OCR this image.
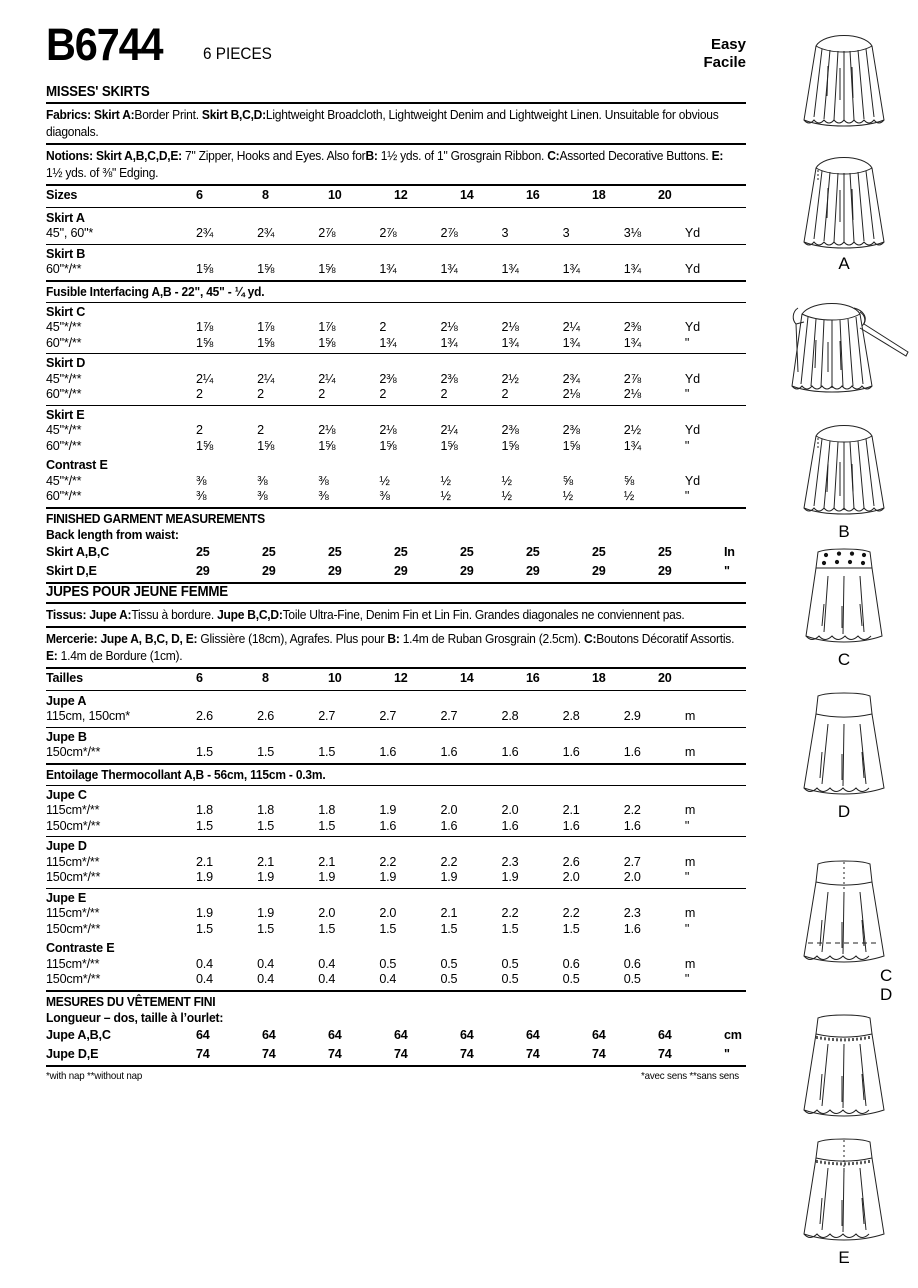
B6744 6 PIECES	Easy
Facile
MISSES' SKIRTS
Fabrics: Skirt A:Border Print. Skirt B,C,D:Lightweight Broadcloth, Lightweight Denim and Lightweight Linen. Unsuitable for obvious diagonals.
Notions: Skirt A,B,C,D,E: 7" Zipper, Hooks and Eyes. Also forB: 1½ yds. of 1" Grosgrain Ribbon. C:Assorted Decorative Buttons. E: 1½ yds. of ⅜" Edging.
Sizes	6	8	10	12	14	16	18	20	
Skirt A									
45", 60"*	2¾	2¾	2⅞	2⅞	2⅞	3	3	3⅛	Yd
Skirt B									
60"*/**	1⅝	1⅝	1⅝	1¾	1¾	1¾	1¾	1¾	Yd
Fusible Interfacing A,B - 22", 45" - ¼ yd.
Skirt C									
45"*/**	1⅞	1⅞	1⅞	2	2⅛	2⅛	2¼	2⅜	Yd
60"*/**	1⅝	1⅝	1⅝	1¾	1¾	1¾	1¾	1¾	"
Skirt D									
45"*/**	2¼	2¼	2¼	2⅜	2⅜	2½	2¾	2⅞	Yd
60"*/**	2	2	2	2	2	2	2⅛	2⅛	"
Skirt E									
45"*/**	2	2	2⅛	2⅛	2¼	2⅜	2⅜	2½	Yd
60"*/**	1⅝	1⅝	1⅝	1⅝	1⅝	1⅝	1⅝	1¾	"
Contrast E									
45"*/**	⅜	⅜	⅜	½	½	½	⅝	⅝	Yd
60"*/**	⅜	⅜	⅜	⅜	½	½	½	½	"
FINISHED GARMENT MEASUREMENTS
Back length from waist:
Skirt A,B,C	25	25	25	25	25	25	25	25	In
Skirt D,E	29	29	29	29	29	29	29	29	"
JUPES POUR JEUNE FEMME
Tissus: Jupe A:Tissu à bordure. Jupe B,C,D:Toile Ultra-Fine, Denim Fin et Lin Fin. Grandes diagonales ne conviennent pas.
Mercerie: Jupe A, B,C, D, E: Glissière (18cm), Agrafes. Plus pour B: 1.4m de Ruban Grosgrain (2.5cm). C:Boutons Décoratif Assortis. E: 1.4m de Bordure (1cm).
Tailles	6	8	10	12	14	16	18	20	
Jupe A									
115cm, 150cm*	2.6	2.6	2.7	2.7	2.7	2.8	2.8	2.9	m
Jupe B									
150cm*/**	1.5	1.5	1.5	1.6	1.6	1.6	1.6	1.6	m
Entoilage Thermocollant A,B - 56cm, 115cm - 0.3m.
Jupe C									
115cm*/**	1.8	1.8	1.8	1.9	2.0	2.0	2.1	2.2	m
150cm*/**	1.5	1.5	1.5	1.6	1.6	1.6	1.6	1.6	"
Jupe D									
115cm*/**	2.1	2.1	2.1	2.2	2.2	2.3	2.6	2.7	m
150cm*/**	1.9	1.9	1.9	1.9	1.9	1.9	2.0	2.0	"
Jupe E									
115cm*/**	1.9	1.9	2.0	2.0	2.1	2.2	2.2	2.3	m
150cm*/**	1.5	1.5	1.5	1.5	1.5	1.5	1.5	1.6	"
Contraste E									
115cm*/**	0.4	0.4	0.4	0.5	0.5	0.5	0.6	0.6	m
150cm*/**	0.4	0.4	0.4	0.4	0.5	0.5	0.5	0.5	"
MESURES DU VÊTEMENT FINI
Longueur – dos, taille à l’ourlet:
Jupe A,B,C	64	64	64	64	64	64	64	64	cm
Jupe D,E	74	74	74	74	74	74	74	74	"
*with nap **without nap	*avec sens **sans sens
A
B
C
D
C
D
E
